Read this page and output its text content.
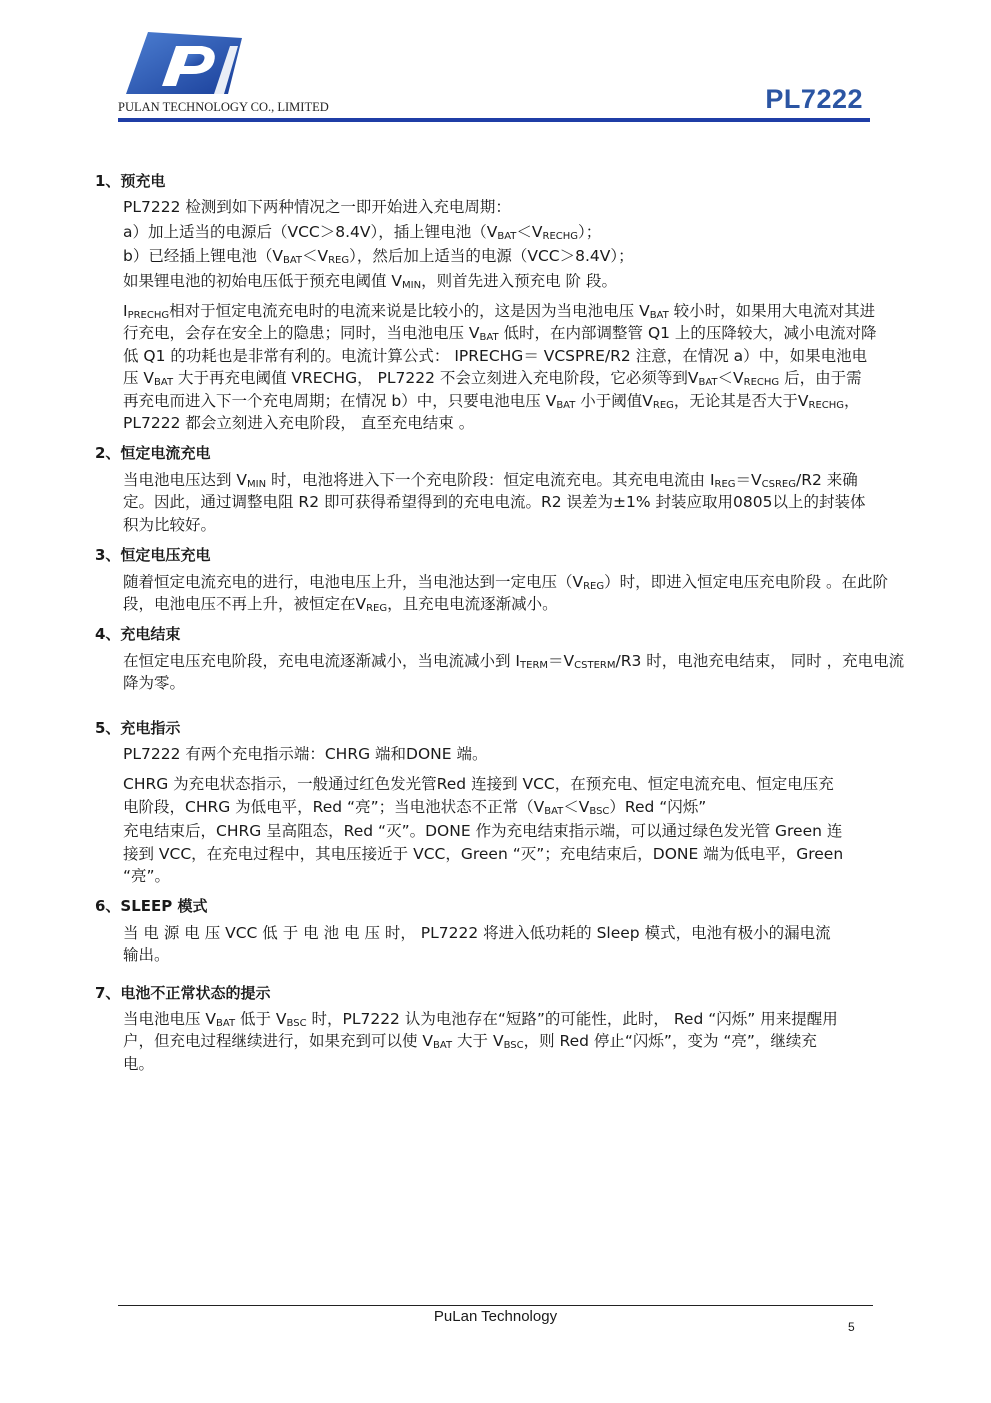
PULAN TECHNOLOGY CO., LIMITED	PL7222
1、预充电
PL7222 检测到如下两种情况之一即开始进入充电周期：
a）加上适当的电源后（VCC＞8.4V），插上锂电池$(V_{BAT}<V_{RECHG})$；
b）已经插上锂电池$(V_{BAT}<V_{REG})$，然后加上适当的电源（VCC＞8.4V）；
如果锂电池的初始电压低于预充电阈值 $V_{MIN}$，则首先进入预充电 阶 段。
$I_{PRECHG}$相对于恒定电流充电时的电流来说是比较小的，这是因为当电池电压 $V_{BAT}$ 较小时，如果用大电流对其进行充电，会存在安全上的隐患；同时，当电池电压 $V_{BAT}$ 低时，在内部调整管 Q1 上的压降较大，减小电流对降低 Q1 的功耗也是非常有利的。电流计算公式： IPRECHG＝ VCSPRE/R2 注意，在情况 a）中，如果电池电压 $V_{BAT}$ 大于再充电阈值 VRECHG， PL7222 不会立刻进入充电阶段，它必须等到$V_{BAT}<V_{RECHG}$ 后，由于需再充电而进入下一个充电周期；在情况 b）中，只要电池电压 $V_{BAT}$ 小于阈值$V_{REG}$，无论其是否大于$V_{RECHG}$，PL7222 都会立刻进入充电阶段， 直至充电结束 。
2、恒定电流充电
当电池电压达到 $V_{MIN}$ 时，电池将进入下一个充电阶段：恒定电流充电。其充电电流由 $I_{REG}=V_{CSREG}/R2$ 来确定。因此，通过调整电阻 R2 即可获得希望得到的充电电流。R2 误差为±1% 封装应取用0805以上的封装体积为比较好。
3、恒定电压充电
随着恒定电流充电的进行，电池电压上升，当电池达到一定电压$(V_{REG})$时，即进入恒定电压充电阶段 。在此阶段，电池电压不再上升，被恒定在$V_{REG}$，且充电电流逐渐减小。
4、充电结束
在恒定电压充电阶段，充电电流逐渐减小，当电流减小到 $I_{TERM}=V_{CSTERM}/R3$ 时，电池充电结束， 同时 ，充电电流降为零。
5、充电指示
PL7222 有两个充电指示端：CHRG 端和DONE 端。
CHRG 为充电状态指示，一般通过红色发光管Red 连接到 VCC，在预充电、恒定电流充电、恒定电压充电阶段，CHRG 为低电平，Red “亮”；当电池状态不正常$(V_{BAT}<V_{BSC})Red$ “闪烁”
充电结束后，CHRG 呈高阻态，Red “灭”。DONE 作为充电结束指示端，可以通过绿色发光管 Green 连接到 VCC，在充电过程中，其电压接近于 VCC，Green “灭”；充电结束后，DONE 端为低电平，Green “亮”。
6、SLEEP 模式
当 电 源 电 压 VCC 低 于 电 池 电 压 时， PL7222 将进入低功耗的 Sleep 模式，电池有极小的漏电流输出。
7、电池不正常状态的提示
当电池电压 $V_{BAT}$ 低于 $V_{BSC}$ 时，PL7222 认为电池存在“短路”的可能性，此时， Red “闪烁” 用来提醒用户，但充电过程继续进行，如果充到可以使 $V_{BAT}$ 大于 $V_{BSC}$，则 Red 停止“闪烁”，变为 “亮”，继续充电。
PuLan Technology
5
